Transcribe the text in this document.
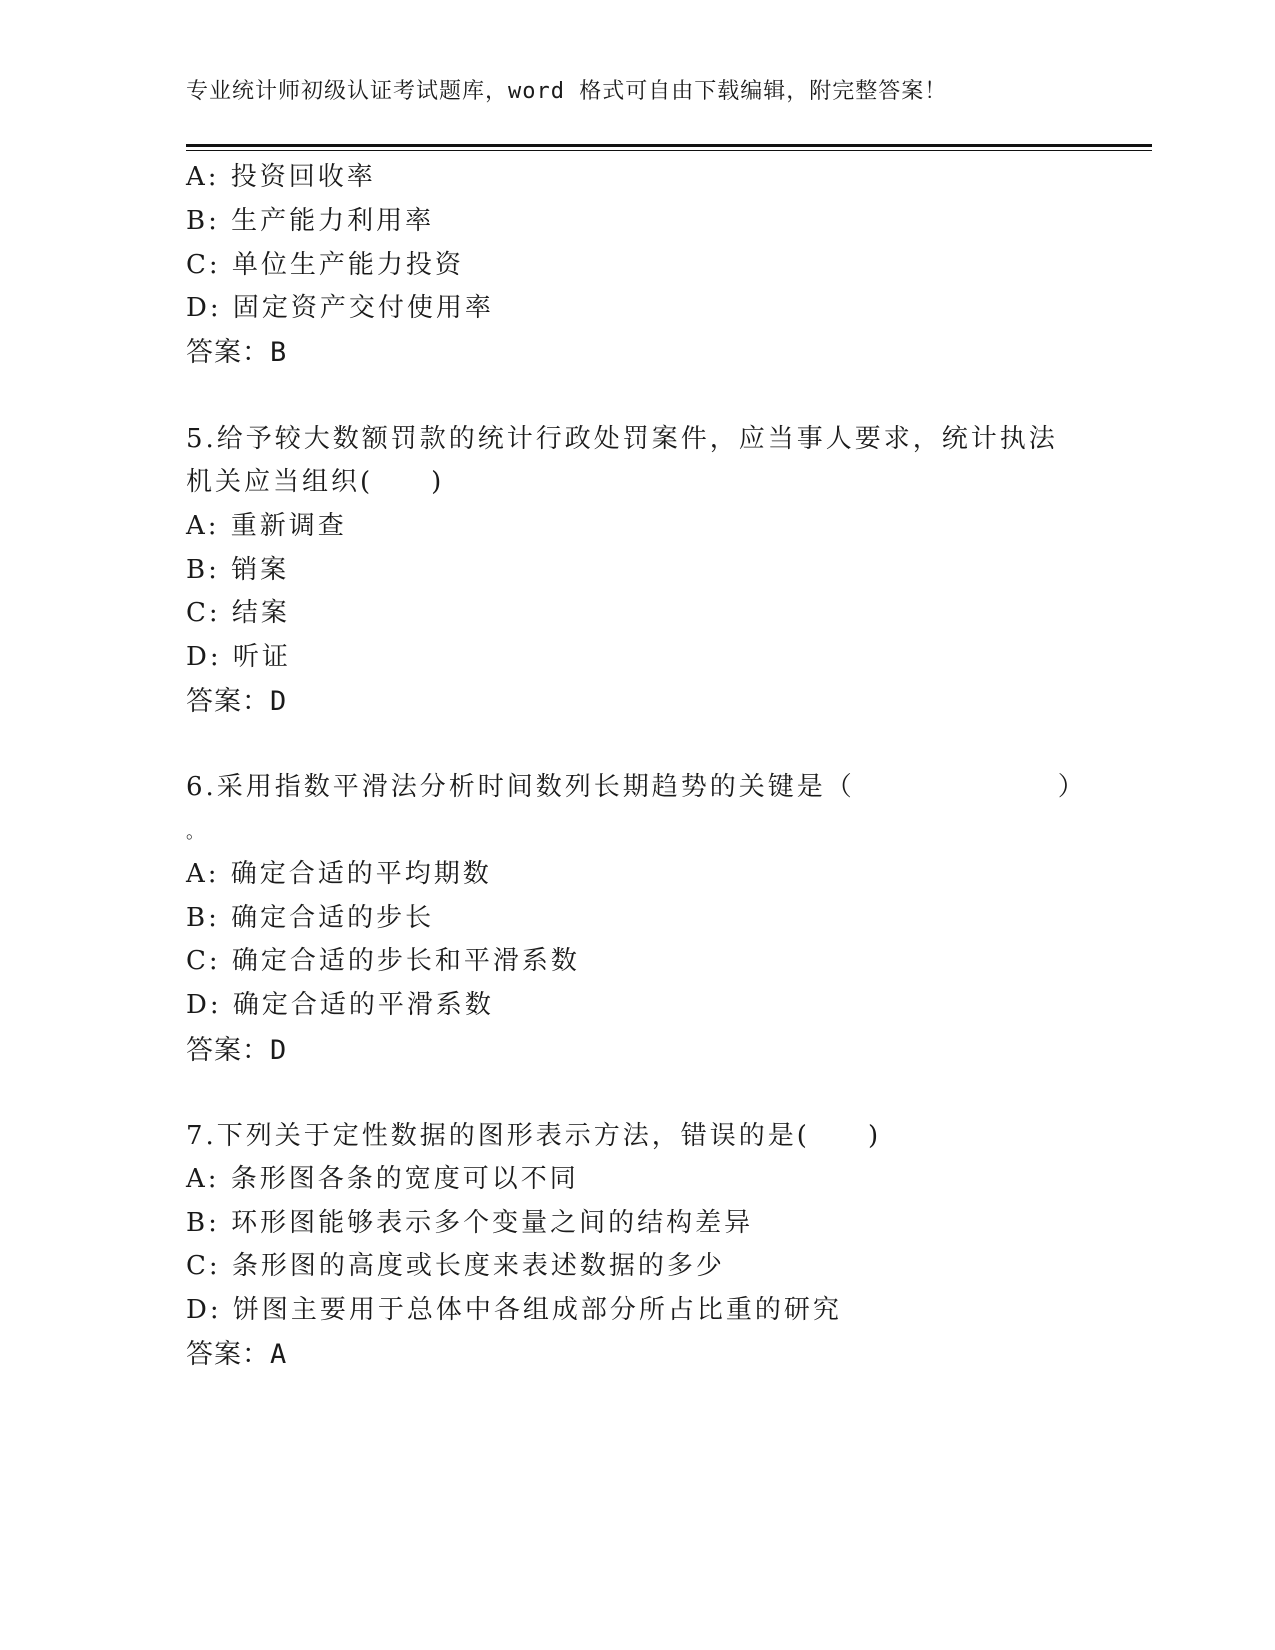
专业统计师初级认证考试题库，word 格式可自由下载编辑，附完整答案！
A: 投资回收率
B: 生产能力利用率
C: 单位生产能力投资
D: 固定资产交付使用率
答案：B
5.给予较大数额罚款的统计行政处罚案件，应当事人要求，统计执法
机关应当组织(　　)
A: 重新调查
B: 销案
C: 结案
D: 听证
答案：D
6.采用指数平滑法分析时间数列长期趋势的关键是（　　　　　　　）
。
A: 确定合适的平均期数
B: 确定合适的步长
C: 确定合适的步长和平滑系数
D: 确定合适的平滑系数
答案：D
7.下列关于定性数据的图形表示方法，错误的是(　　)
A: 条形图各条的宽度可以不同
B: 环形图能够表示多个变量之间的结构差异
C: 条形图的高度或长度来表述数据的多少
D: 饼图主要用于总体中各组成部分所占比重的研究
答案：A
